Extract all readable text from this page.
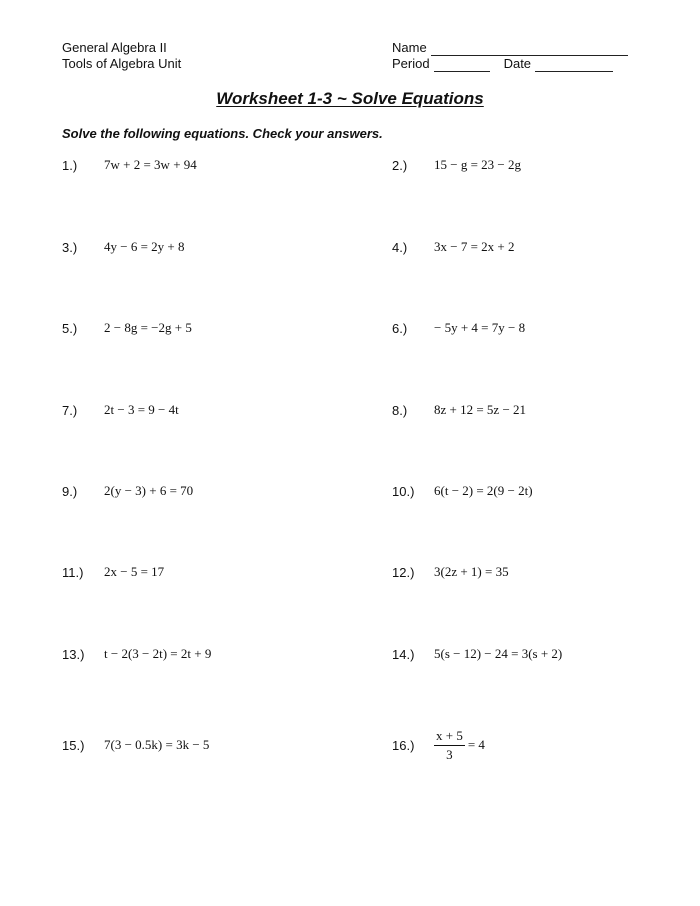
General Algebra II
Tools of Algebra Unit
Name
Period	Date
Worksheet 1-3 ~ Solve Equations
Solve the following equations. Check your answers.
1.)	7w + 2 = 3w + 94	2.)	15 − g = 23 − 2g
3.)	4y − 6 = 2y + 8	4.)	3x − 7 = 2x + 2
5.)	2 − 8g = −2g + 5	6.)	− 5y + 4 = 7y − 8
7.)	2t − 3 = 9 − 4t	8.)	8z + 12 = 5z − 21
9.)	2(y − 3) + 6 = 70	10.)	6(t − 2) = 2(9 − 2t)
11.)	2x − 5 = 17	12.)	3(2z + 1) = 35
13.)	t − 2(3 − 2t) = 2t + 9	14.)	5(s − 12) − 24 = 3(s + 2)
15.)	7(3 − 0.5k) = 3k − 5	16.)	$\frac{x + 5}{3} = 4$
